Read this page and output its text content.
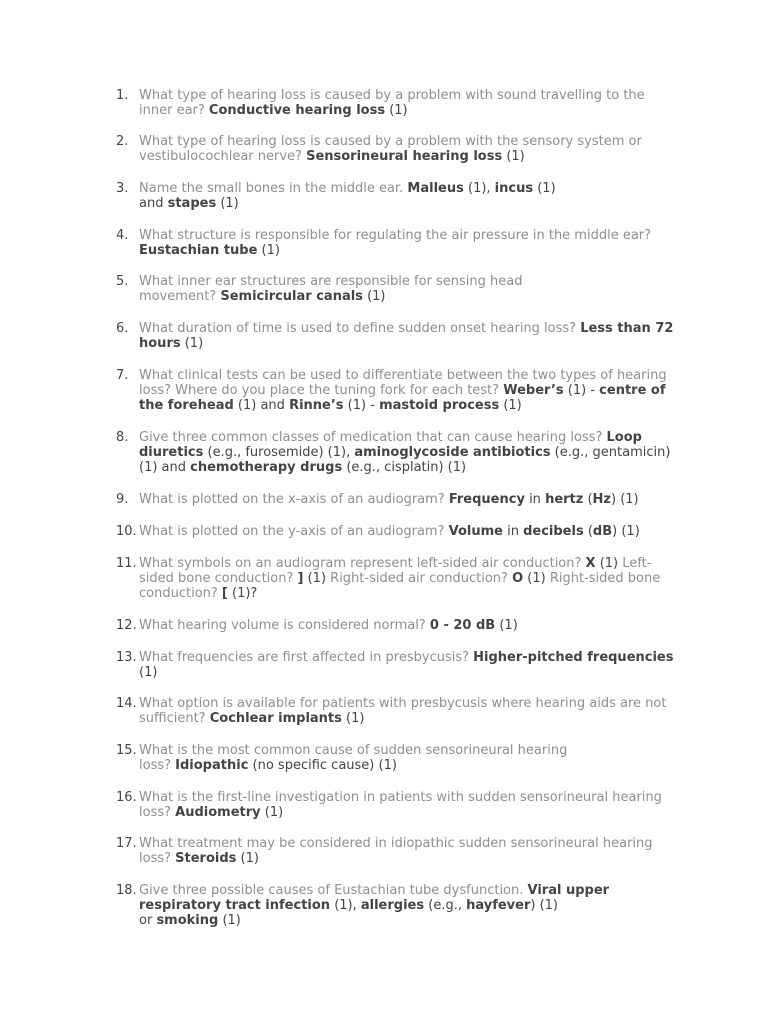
1. What type of hearing loss is caused by a problem with sound travelling to the inner ear? Conductive hearing loss (1)
2. What type of hearing loss is caused by a problem with the sensory system or vestibulocochlear nerve? Sensorineural hearing loss (1)
3. Name the small bones in the middle ear. Malleus (1), incus (1)
and stapes (1)
4. What structure is responsible for regulating the air pressure in the middle ear? Eustachian tube (1)
5. What inner ear structures are responsible for sensing head
movement? Semicircular canals (1)
6. What duration of time is used to define sudden onset hearing loss? Less than 72 hours (1)
7. What clinical tests can be used to differentiate between the two types of hearing loss? Where do you place the tuning fork for each test? Weber’s (1) - centre of the forehead (1) and Rinne’s (1) - mastoid process (1)
8. Give three common classes of medication that can cause hearing loss? Loop diuretics (e.g., furosemide) (1), aminoglycoside antibiotics (e.g., gentamicin) (1) and chemotherapy drugs (e.g., cisplatin) (1)
9. What is plotted on the x-axis of an audiogram? Frequency in hertz (Hz) (1)
10. What is plotted on the y-axis of an audiogram? Volume in decibels (dB) (1)
11. What symbols on an audiogram represent left-sided air conduction? X (1) Left-sided bone conduction? ] (1) Right-sided air conduction? O (1) Right-sided bone conduction? [ (1)?
12. What hearing volume is considered normal? 0 - 20 dB (1)
13. What frequencies are first affected in presbycusis? Higher-pitched frequencies (1)
14. What option is available for patients with presbycusis where hearing aids are not sufficient? Cochlear implants (1)
15. What is the most common cause of sudden sensorineural hearing
loss? Idiopathic (no specific cause) (1)
16. What is the first-line investigation in patients with sudden sensorineural hearing loss? Audiometry (1)
17. What treatment may be considered in idiopathic sudden sensorineural hearing loss? Steroids (1)
18. Give three possible causes of Eustachian tube dysfunction. Viral upper respiratory tract infection (1), allergies (e.g., hayfever) (1)
or smoking (1)
